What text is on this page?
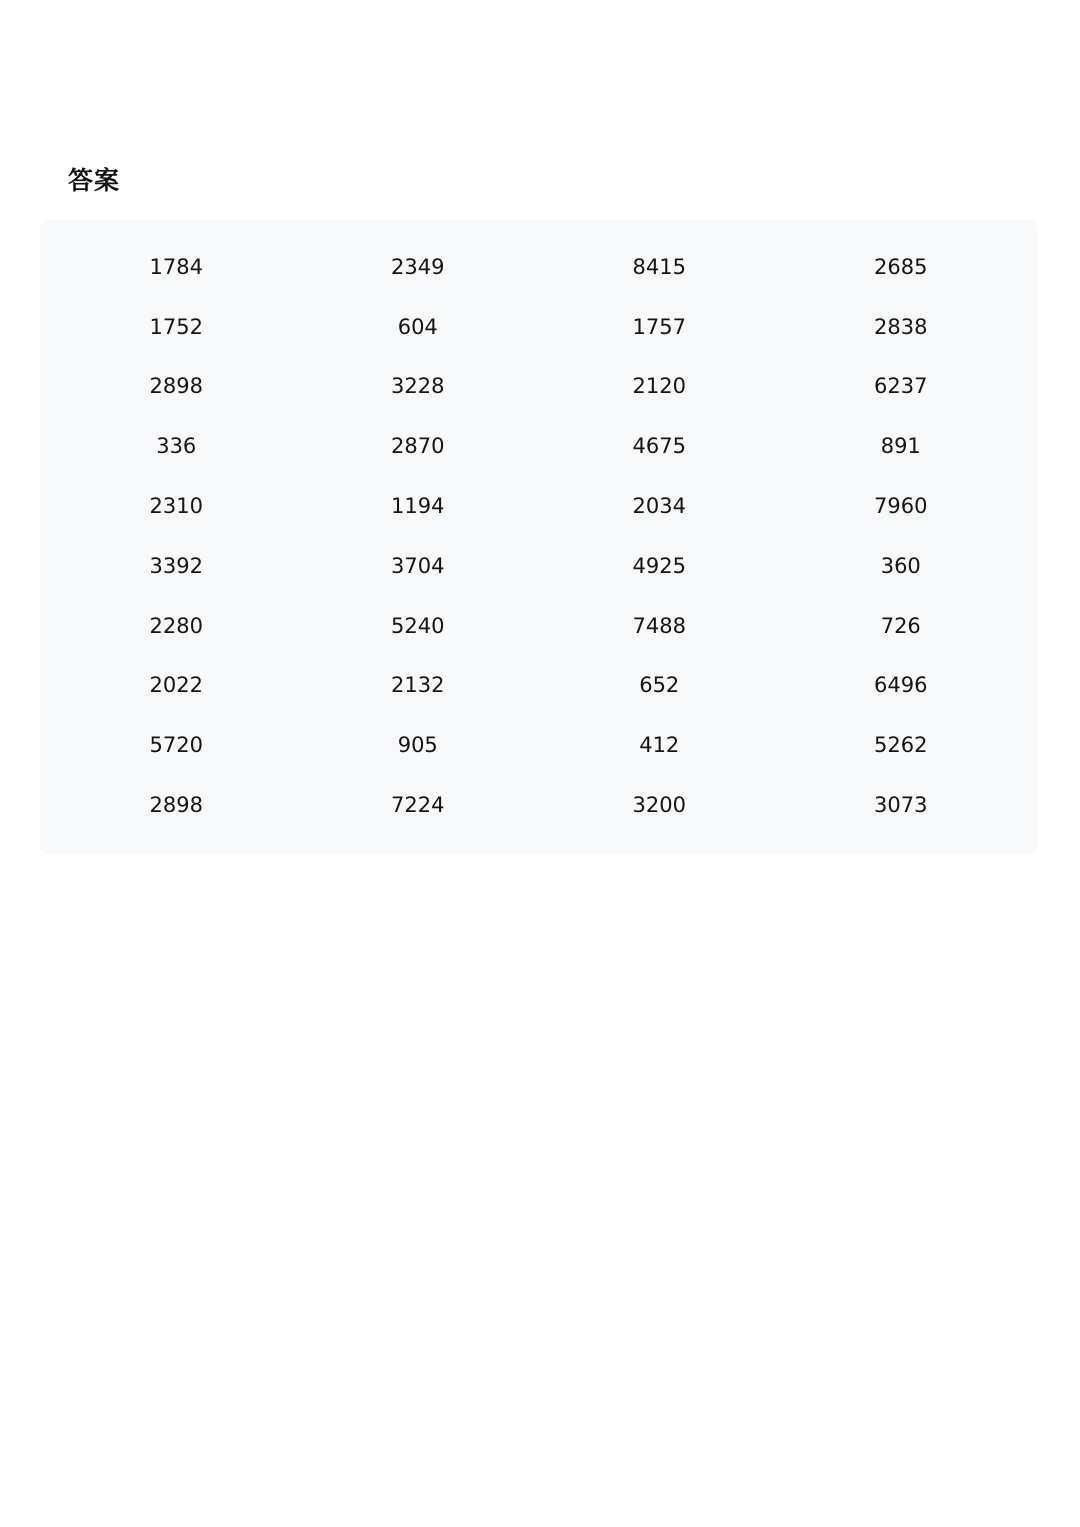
答案
1784	2349	8415	2685
1752	604	1757	2838
2898	3228	2120	6237
336	2870	4675	891
2310	1194	2034	7960
3392	3704	4925	360
2280	5240	7488	726
2022	2132	652	6496
5720	905	412	5262
2898	7224	3200	3073
